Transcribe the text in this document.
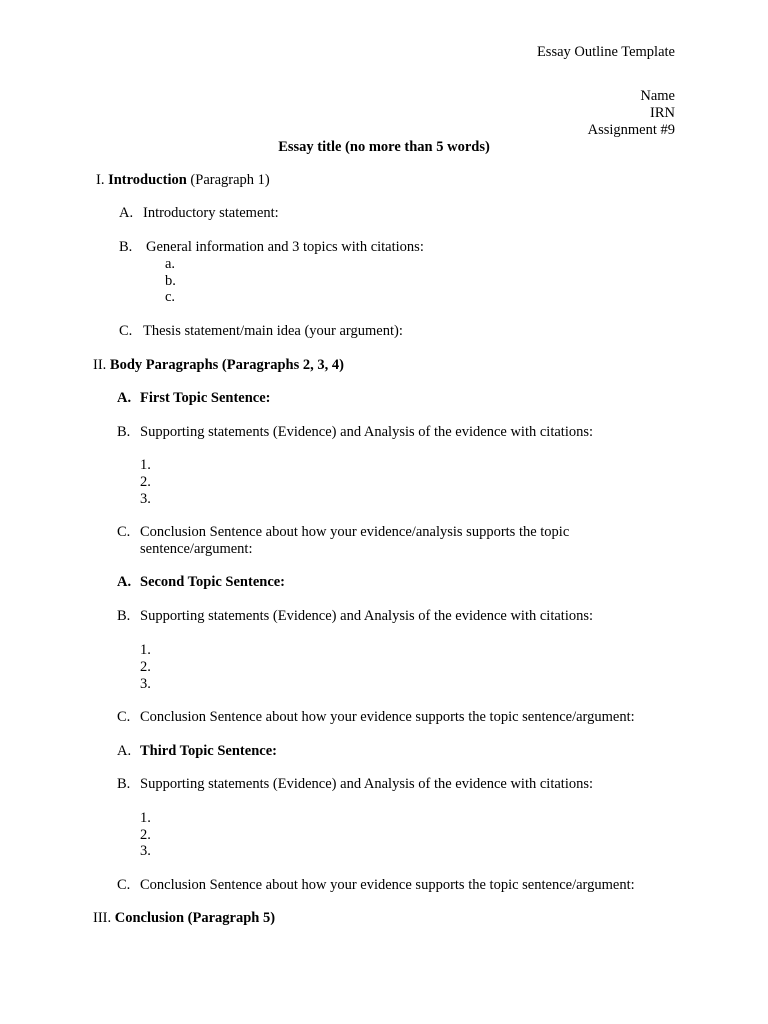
Essay Outline Template
Name
IRN
Assignment #9
Essay title (no more than 5 words)
I. Introduction (Paragraph 1)
A. Introductory statement:
B. General information and 3 topics with citations:
a.
b.
c.
C. Thesis statement/main idea (your argument):
II. Body Paragraphs (Paragraphs 2, 3, 4)
A. First Topic Sentence:
B. Supporting statements (Evidence) and Analysis of the evidence with citations:
1.
2.
3.
C. Conclusion Sentence about how your evidence/analysis supports the topic
sentence/argument:
A. Second Topic Sentence:
B. Supporting statements (Evidence) and Analysis of the evidence with citations:
1.
2.
3.
C. Conclusion Sentence about how your evidence supports the topic sentence/argument:
A. Third Topic Sentence:
B. Supporting statements (Evidence) and Analysis of the evidence with citations:
1.
2.
3.
C. Conclusion Sentence about how your evidence supports the topic sentence/argument:
III. Conclusion (Paragraph 5)
